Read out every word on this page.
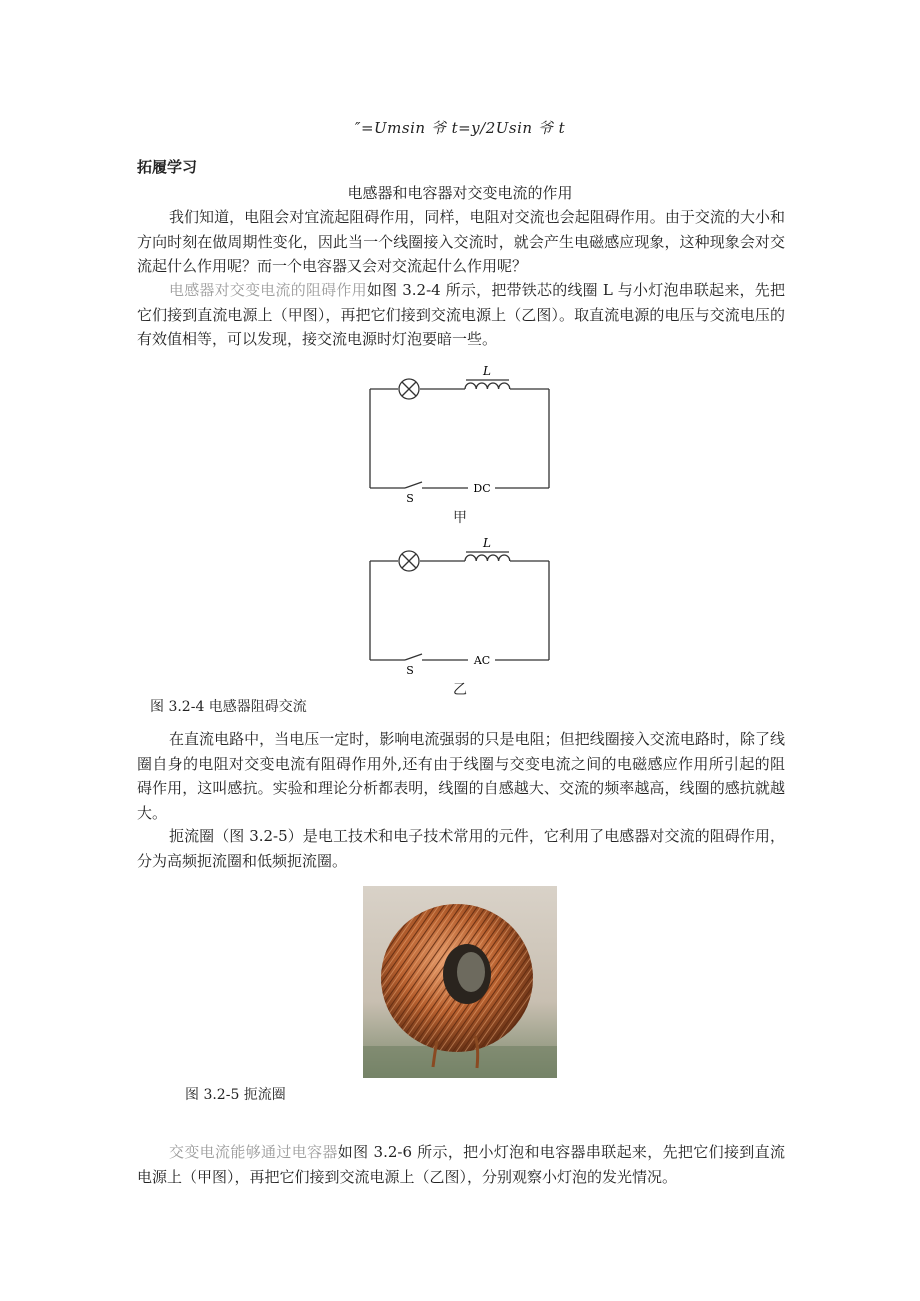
″=Umsin 爷 t=y∕2Usin 爷 t
拓履学习
电感器和电容器对交变电流的作用

我们知道，电阻会对宜流起阻碍作用，同样，电阻对交流也会起阻碍作用。由于交流的大小和方向时刻在做周期性变化，因此当一个线圈接入交流时，就会产生电磁感应现象，这种现象会对交流起什么作用呢？而一个电容器又会对交流起什么作用呢？

电感器对交变电流的阻碍作用如图 3.2-4 所示，把带铁芯的线圈 L 与小灯泡串联起来，先把它们接到直流电源上（甲图），再把它们接到交流电源上（乙图）。取直流电源的电压与交流电压的有效值相等，可以发现，接交流电源时灯泡要暗一些。

L
S
DC
甲
L
S
AC
乙
图 3.2-4 电感器阻碍交流

在直流电路中，当电压一定时，影响电流强弱的只是电阻；但把线圈接入交流电路时，除了线圈自身的电阻对交变电流有阻碍作用外,还有由于线圈与交变电流之间的电磁感应作用所引起的阻碍作用，这叫感抗。实验和理论分析都表明，线圈的自感越大、交流的频率越高，线圈的感抗就越大。

扼流圈（图 3.2-5）是电工技术和电子技术常用的元件，它利用了电感器对交流的阻碍作用，分为高频扼流圈和低频扼流圈。

图 3.2-5 扼流圈

交变电流能够通过电容器如图 3.2-6 所示，把小灯泡和电容器串联起来，先把它们接到直流电源上（甲图），再把它们接到交流电源上（乙图），分别观察小灯泡的发光情况。
